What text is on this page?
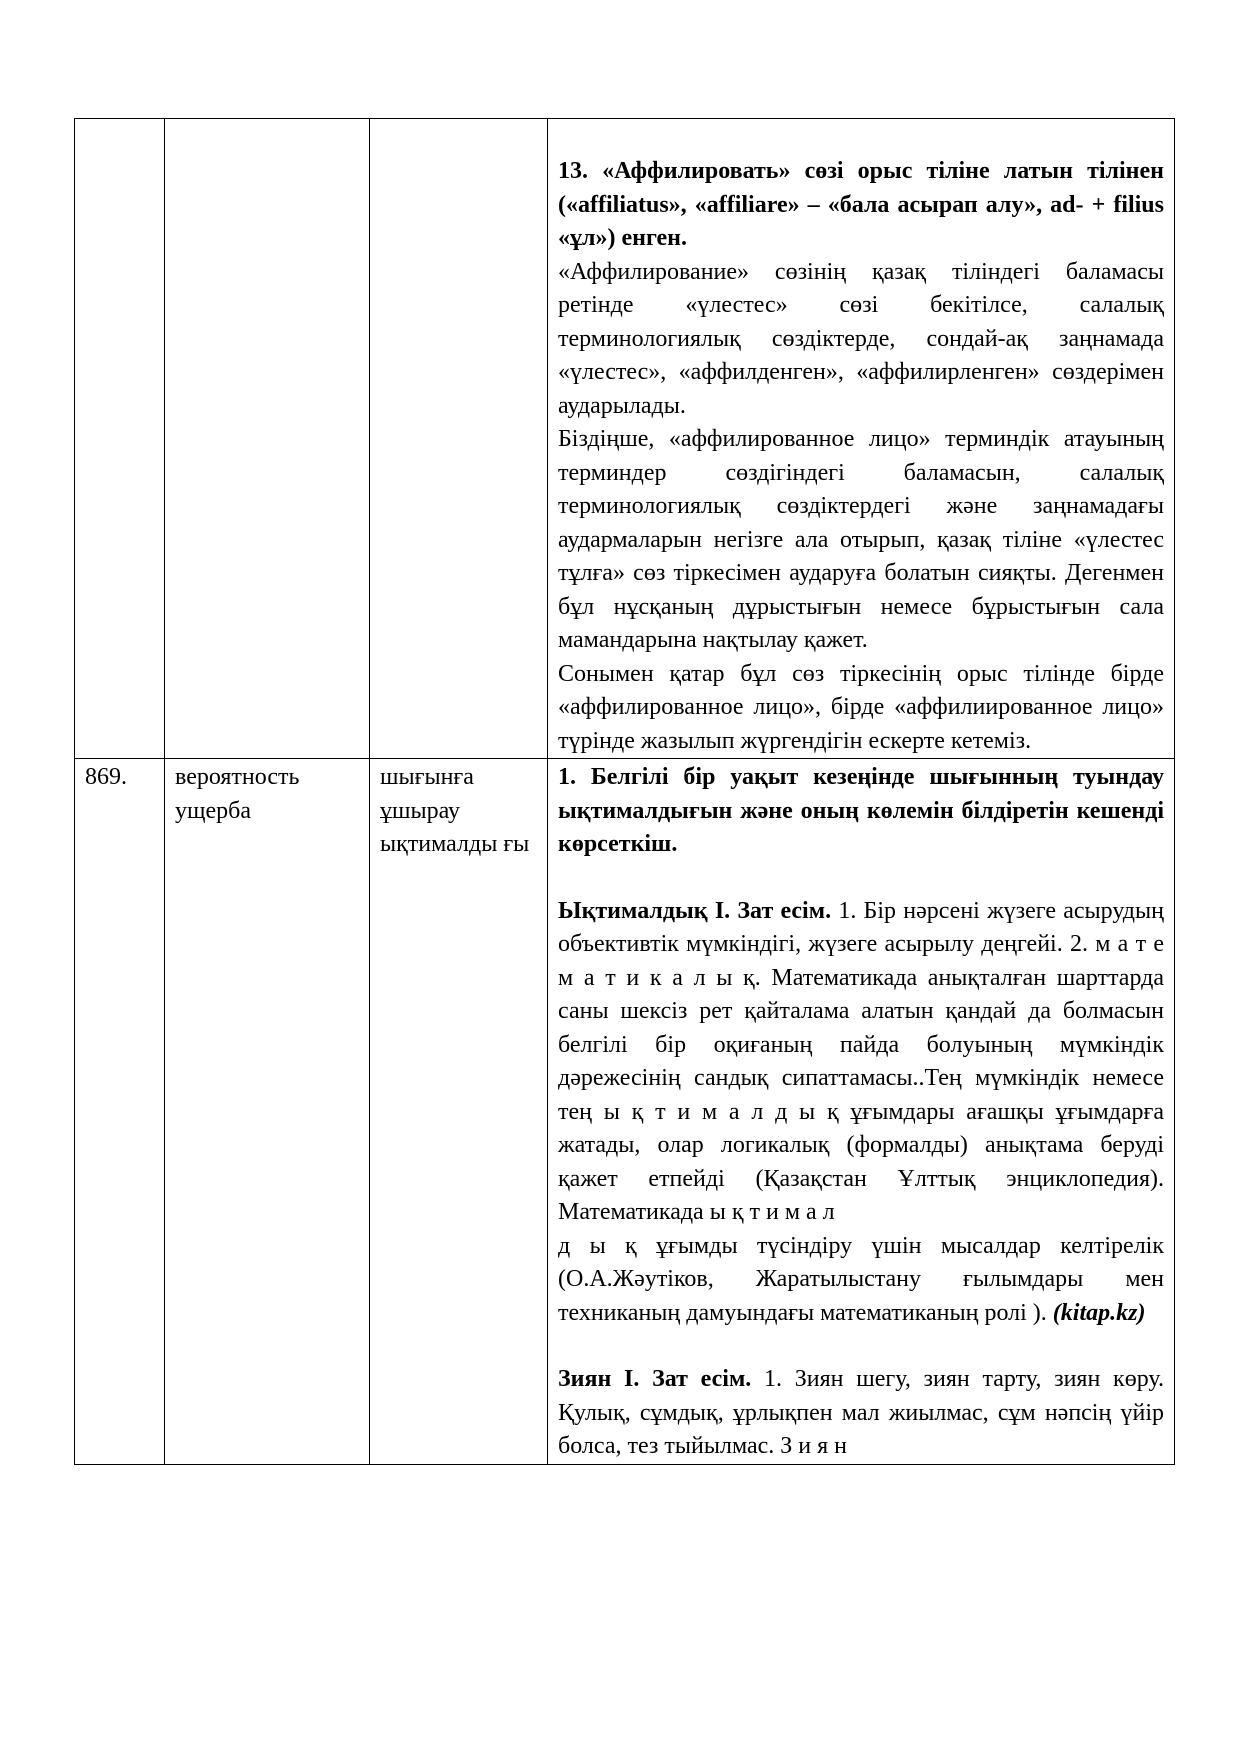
			13. «Аффилировать» сөзі орыс тіліне латын тілінен («affiliatus», «affiliare» – «бала асырап алу», ad- + filius «ұл») енген.

«Аффилирование» сөзінің қазақ тіліндегі баламасы ретінде «үлестес» сөзі бекітілсе, салалық терминологиялық сөздіктерде, сондай-ақ заңнамада «үлестес», «аффилденген», «аффилирленген» сөздерімен аударылады.

Біздіңше, «аффилированное лицо» терминдік атауының терминдер сөздігіндегі баламасын, салалық терминологиялық сөздіктердегі және заңнамадағы аудармаларын негізге ала отырып, қазақ тіліне «үлестес тұлға» сөз тіркесімен аударуға болатын сияқты. Дегенмен бұл нұсқаның дұрыстығын немесе бұрыстығын сала мамандарына нақтылау қажет.

Сонымен қатар бұл сөз тіркесінің орыс тілінде бірде «аффилированное лицо», бірде «аффилиированное лицо» түрінде жазылып жүргендігін ескерте кетеміз.

869.	вероятность ущерба	шығынға ұшырау ықтималды ғы	1. Белгілі бір уақыт кезеңінде шығынның туындау ықтималдығын және оның көлемін білдіретін кешенді көрсеткіш.

Ықтималдық І. Зат есім. 1. Бір нәрсені жүзеге асырудың объективтік мүмкіндігі, жүзеге асырылу деңгейі. 2. м а т е м а т и к а л ы қ. Математикада анықталған шарттарда саны шексіз рет қайталама алатын қандай да болмасын белгілі бір оқиғаның пайда болуының мүмкіндік дәрежесінің сандық сипаттамасы..Тең мүмкіндік немесе тең ы қ т и м а л д ы қ ұғымдары ағашқы ұғымдарға жатады, олар логикалық (формалды) анықтама беруді қажет етпейді (Қазақстан Ұлттық энциклопедия). Математикада ы қ т и м а л

д ы қ ұғымды түсіндіру үшін мысалдар келтірелік (О.А.Жәутіков, Жаратылыстану ғылымдары мен техниканың дамуындағы математиканың ролі ). (kitap.kz)

Зиян І. Зат есім. 1. Зиян шегу, зиян тарту, зиян көру. Қулық, сұмдық, ұрлықпен мал жиылмас, сұм нәпсің үйір болса, тез тыйылмас. З и я н
